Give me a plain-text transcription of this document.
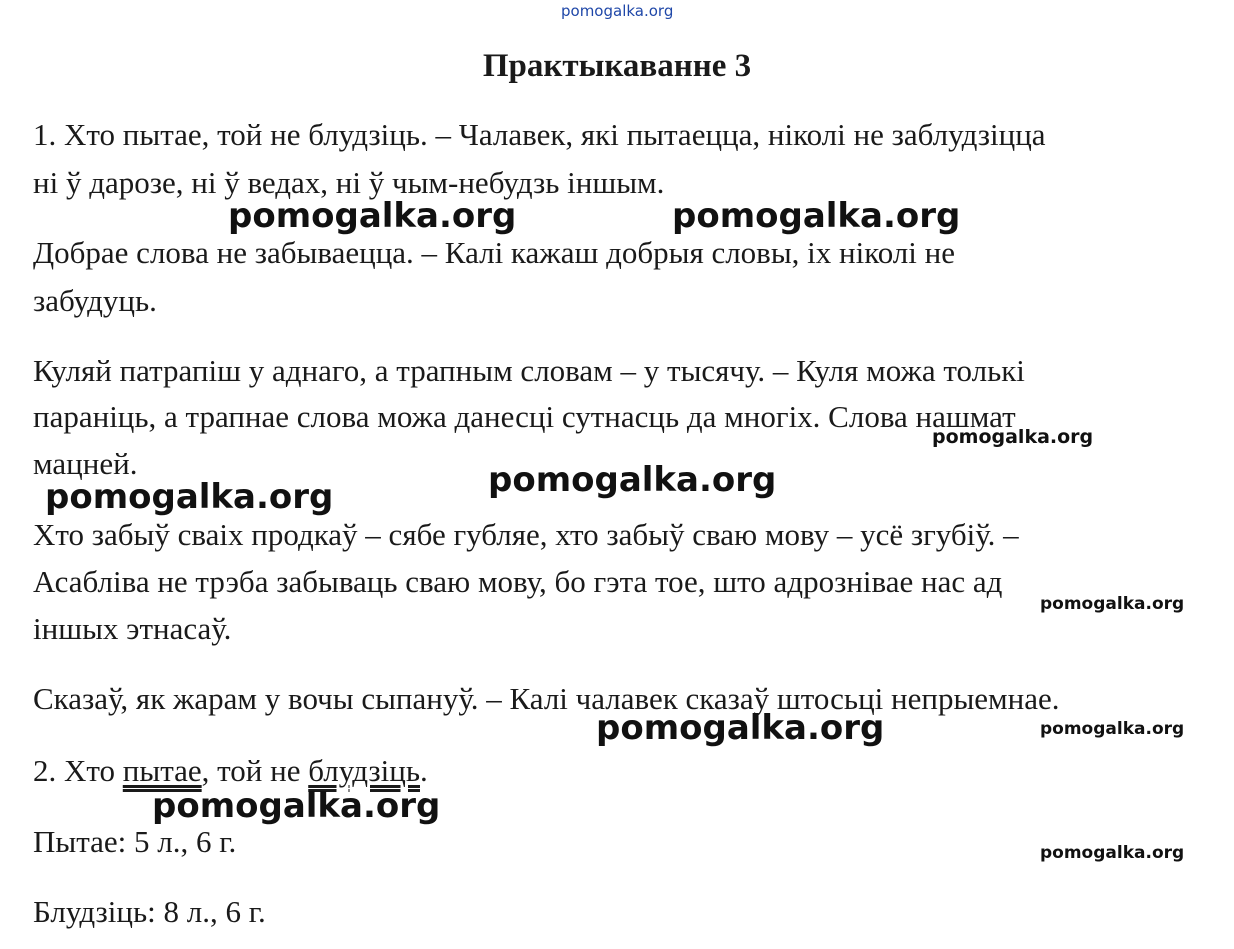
pomogalka.org
Практыкаванне 3
1. Хто пытае, той не блудзіць. – Чалавек, які пытаецца, ніколі не заблудзіцца
ні ў дарозе, ні ў ведах, ні ў чым-небудзь іншым.
Добрае слова не забываецца. – Калі кажаш добрыя словы, іх ніколі не
забудуць.
Куляй патрапіш у аднаго, а трапным словам – у тысячу. – Куля можа толькі
параніць, а трапнае слова можа данесці сутнасць да многіх. Слова нашмат
мацней.
Хто забыў сваіх продкаў – сябе губляе, хто забыў сваю мову – усё згубіў. –
Асабліва не трэба забываць сваю мову, бо гэта тое, што адрознівае нас ад
іншых этнасаў.
Сказаў, як жарам у вочы сыпануў. – Калі чалавек сказаў штосьці непрыемнае.
2. Хто пытае, той не блудзіць.
Пытае: 5 л., 6 г.
Блудзіць: 8 л., 6 г.
pomogalka.org	pomogalka.org
pomogalka.org
pomogalka.org
pomogalka.org
pomogalka.org
pomogalka.org	pomogalka.org
pomogalka.org
pomogalka.org
